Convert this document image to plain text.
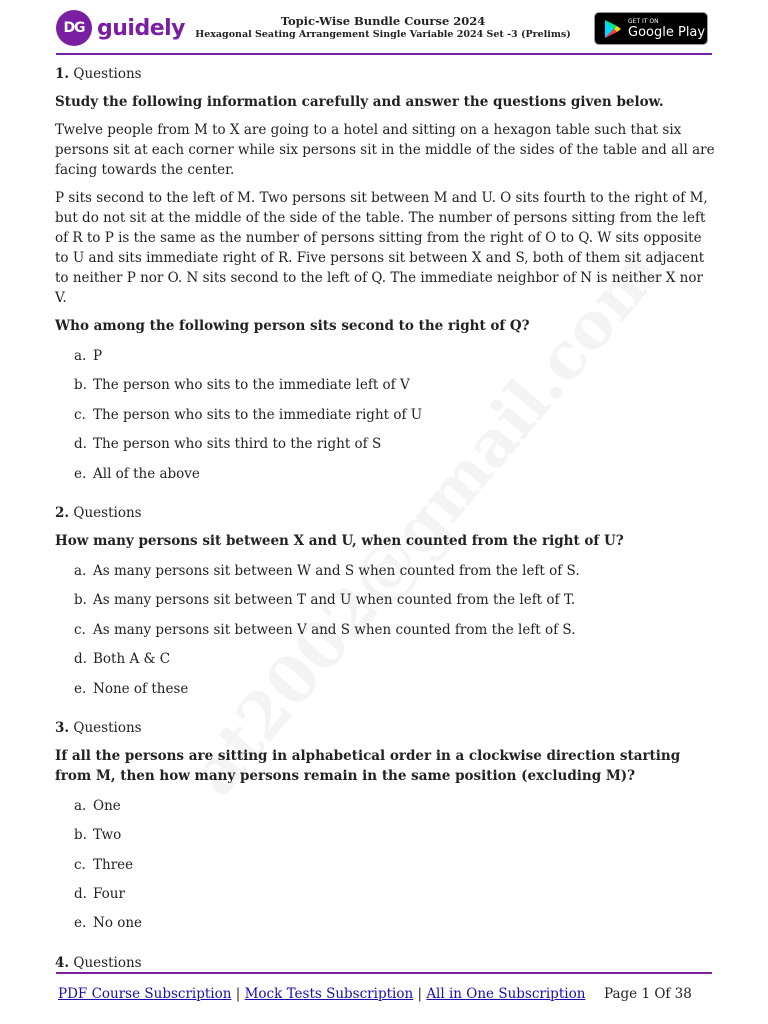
DG guidely	Topic-Wise Bundle Course 2024
Hexagonal Seating Arrangement Single Variable 2024 Set -3 (Prelims)
GET IT ON
Google Play

1. Questions

Study the following information carefully and answer the questions given below.

Twelve people from M to X are going to a hotel and sitting on a hexagon table such that six persons sit at each corner while six persons sit in the middle of the sides of the table and all are facing towards the center.

P sits second to the left of M. Two persons sit between M and U. O sits fourth to the right of M, but do not sit at the middle of the side of the table. The number of persons sitting from the left of R to P is the same as the number of persons sitting from the right of O to Q. W sits opposite to U and sits immediate right of R. Five persons sit between X and S, both of them sit adjacent to neither P nor O. N sits second to the left of Q. The immediate neighbor of N is neither X nor V.

Who among the following person sits second to the right of Q?

a. P
b. The person who sits to the immediate left of V
c. The person who sits to the immediate right of U
d. The person who sits third to the right of S
e. All of the above

2. Questions

How many persons sit between X and U, when counted from the right of U?

a. As many persons sit between W and S when counted from the left of S.
b. As many persons sit between T and U when counted from the left of T.
c. As many persons sit between V and S when counted from the left of S.
d. Both A & C
e. None of these

3. Questions

If all the persons are sitting in alphabetical order in a clockwise direction starting from M, then how many persons remain in the same position (excluding M)?

a. One
b. Two
c. Three
d. Four
e. No one

4. Questions

PDF Course Subscription | Mock Tests Subscription | All in One Subscription Page 1 Of 38
